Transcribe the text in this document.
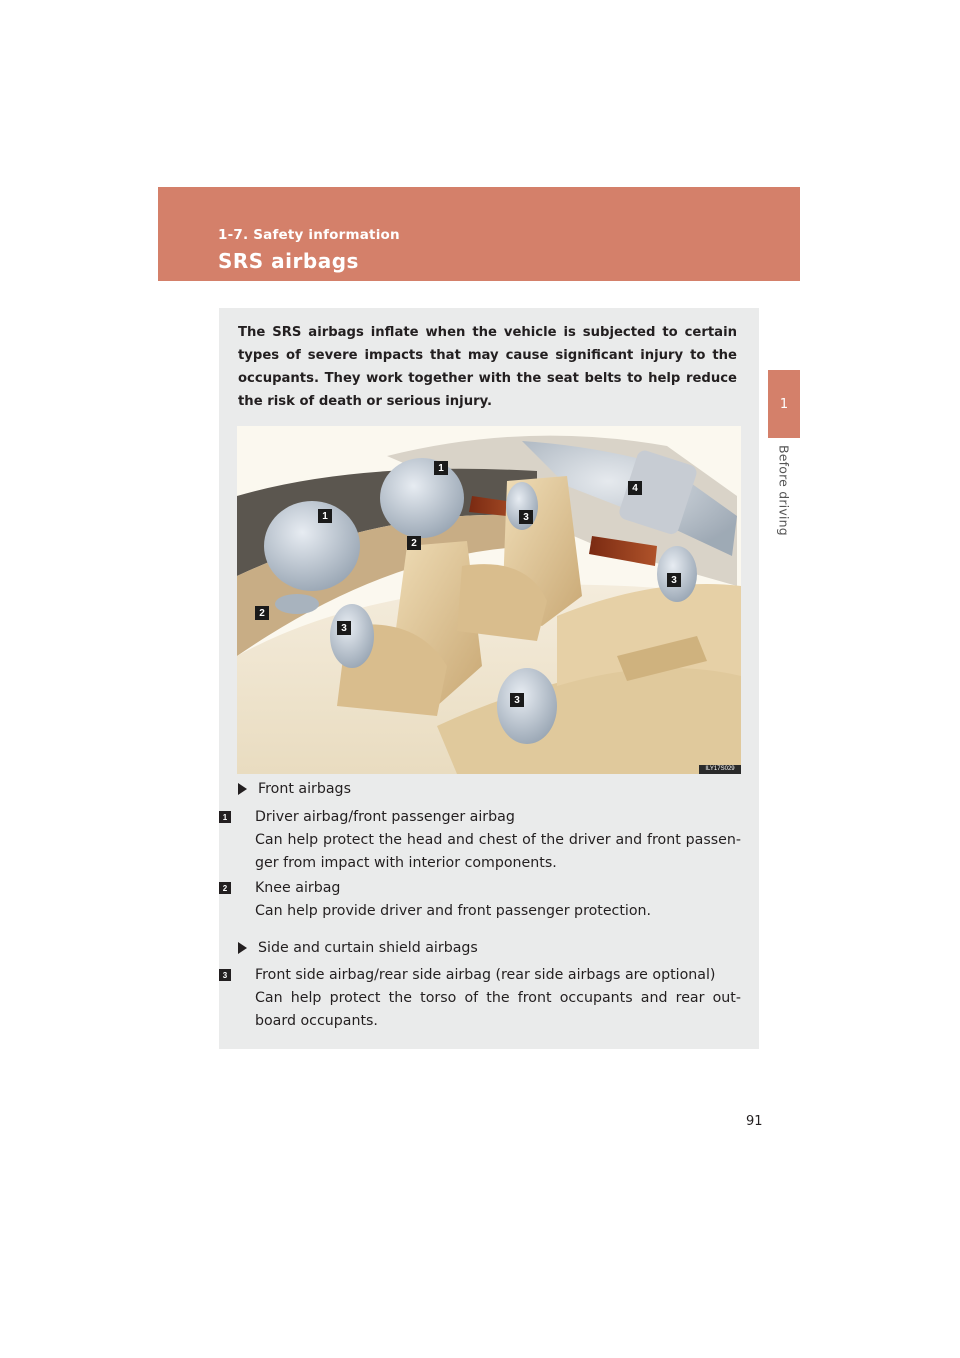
1-7. Safety information
SRS airbags
1
Before driving

The SRS airbags inflate when the vehicle is subjected to certain types of severe impacts that may cause significant injury to the occupants. They work together with the seat belts to help reduce the risk of death or serious injury.

1
1
2
2
3
3
3
3
4
ILY17S029
Front airbags
1 Driver airbag/front passenger airbag
Can help protect the head and chest of the driver and front passen-ger from impact with interior components.
2 Knee airbag
Can help provide driver and front passenger protection.
Side and curtain shield airbags
3 Front side airbag/rear side airbag (rear side airbags are optional)
Can help protect the torso of the front occupants and rear out-board occupants.
91
